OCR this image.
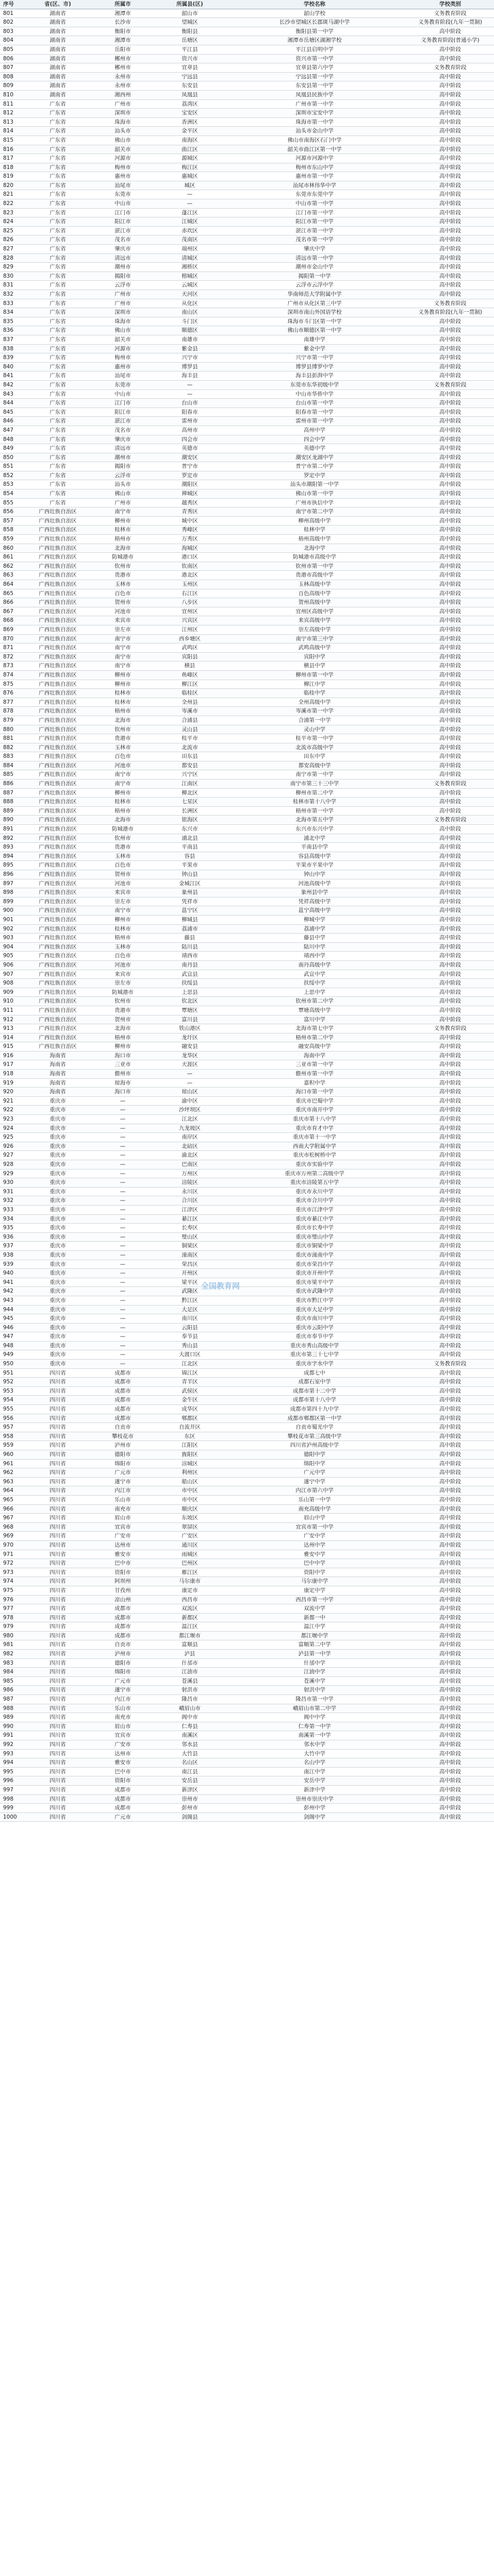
序号	省(区、市)	所属市	所属县(区)	学校名称	学校类别
801	湖南省	湘潭市	韶山市	韶山学校	义务教育阶段
802	湖南省	长沙市	望城区	长沙市望城区长郡斑马湖中学	义务教育阶段(九年一贯制)
803	湖南省	衡阳市	衡阳县	衡阳县第一中学	高中阶段
804	湖南省	湘潭市	岳塘区	湘潭市岳塘区湖湘学校	义务教育阶段(普通小学)
805	湖南省	岳阳市	平江县	平江县启明中学	高中阶段
806	湖南省	郴州市	资兴市	资兴市第一中学	高中阶段
807	湖南省	郴州市	宜章县	宜章县第六中学	义务教育阶段
808	湖南省	永州市	宁远县	宁远县第一中学	高中阶段
809	湖南省	永州市	东安县	东安县第一中学	高中阶段
810	湖南省	湘西州	凤凰县	凤凰县民族中学	高中阶段
811	广东省	广州市	荔湾区	广州市第一中学	高中阶段
812	广东省	深圳市	宝安区	深圳市宝安中学	高中阶段
813	广东省	珠海市	香洲区	珠海市第一中学	高中阶段
814	广东省	汕头市	金平区	汕头市金山中学	高中阶段
815	广东省	佛山市	南海区	佛山市南海区石门中学	高中阶段
816	广东省	韶关市	曲江区	韶关市曲江区第一中学	高中阶段
817	广东省	河源市	源城区	河源市河源中学	高中阶段
818	广东省	梅州市	梅江区	梅州市东山中学	高中阶段
819	广东省	惠州市	惠城区	惠州市第一中学	高中阶段
820	广东省	汕尾市	城区	汕尾市林伟华中学	高中阶段
821	广东省	东莞市	—	东莞市东莞中学	高中阶段
822	广东省	中山市	—	中山市第一中学	高中阶段
823	广东省	江门市	蓬江区	江门市第一中学	高中阶段
824	广东省	阳江市	江城区	阳江市第一中学	高中阶段
825	广东省	湛江市	赤坎区	湛江市第一中学	高中阶段
826	广东省	茂名市	茂南区	茂名市第一中学	高中阶段
827	广东省	肇庆市	端州区	肇庆中学	高中阶段
828	广东省	清远市	清城区	清远市第一中学	高中阶段
829	广东省	潮州市	湘桥区	潮州市金山中学	高中阶段
830	广东省	揭阳市	榕城区	揭阳第一中学	高中阶段
831	广东省	云浮市	云城区	云浮市云浮中学	高中阶段
832	广东省	广州市	天河区	华南师范大学附属中学	高中阶段
833	广东省	广州市	从化区	广州市从化区第三中学	义务教育阶段
834	广东省	深圳市	南山区	深圳市南山外国语学校	义务教育阶段(九年一贯制)
835	广东省	珠海市	斗门区	珠海市斗门区第一中学	高中阶段
836	广东省	佛山市	顺德区	佛山市顺德区第一中学	高中阶段
837	广东省	韶关市	南雄市	南雄中学	高中阶段
838	广东省	河源市	紫金县	紫金中学	高中阶段
839	广东省	梅州市	兴宁市	兴宁市第一中学	高中阶段
840	广东省	惠州市	博罗县	博罗县博罗中学	高中阶段
841	广东省	汕尾市	海丰县	海丰县彭湃中学	高中阶段
842	广东省	东莞市	—	东莞市东华初级中学	义务教育阶段
843	广东省	中山市	—	中山市华侨中学	高中阶段
844	广东省	江门市	台山市	台山市第一中学	高中阶段
845	广东省	阳江市	阳春市	阳春市第一中学	高中阶段
846	广东省	湛江市	雷州市	雷州市第一中学	高中阶段
847	广东省	茂名市	高州市	高州中学	高中阶段
848	广东省	肇庆市	四会市	四会中学	高中阶段
849	广东省	清远市	英德市	英德中学	高中阶段
850	广东省	潮州市	潮安区	潮安区龙湖中学	高中阶段
851	广东省	揭阳市	普宁市	普宁市第二中学	高中阶段
852	广东省	云浮市	罗定市	罗定中学	高中阶段
853	广东省	汕头市	潮阳区	汕头市潮阳第一中学	高中阶段
854	广东省	佛山市	禅城区	佛山市第一中学	高中阶段
855	广东省	广州市	越秀区	广州市执信中学	高中阶段
856	广西壮族自治区	南宁市	青秀区	南宁市第二中学	高中阶段
857	广西壮族自治区	柳州市	城中区	柳州高级中学	高中阶段
858	广西壮族自治区	桂林市	秀峰区	桂林中学	高中阶段
859	广西壮族自治区	梧州市	万秀区	梧州高级中学	高中阶段
860	广西壮族自治区	北海市	海城区	北海中学	高中阶段
861	广西壮族自治区	防城港市	港口区	防城港市高级中学	高中阶段
862	广西壮族自治区	钦州市	钦南区	钦州市第一中学	高中阶段
863	广西壮族自治区	贵港市	港北区	贵港市高级中学	高中阶段
864	广西壮族自治区	玉林市	玉州区	玉林高级中学	高中阶段
865	广西壮族自治区	百色市	右江区	百色高级中学	高中阶段
866	广西壮族自治区	贺州市	八步区	贺州高级中学	高中阶段
867	广西壮族自治区	河池市	宜州区	宜州区高级中学	高中阶段
868	广西壮族自治区	来宾市	兴宾区	来宾高级中学	高中阶段
869	广西壮族自治区	崇左市	江州区	崇左高级中学	高中阶段
870	广西壮族自治区	南宁市	西乡塘区	南宁市第三中学	高中阶段
871	广西壮族自治区	南宁市	武鸣区	武鸣高级中学	高中阶段
872	广西壮族自治区	南宁市	宾阳县	宾阳中学	高中阶段
873	广西壮族自治区	南宁市	横县	横县中学	高中阶段
874	广西壮族自治区	柳州市	鱼峰区	柳州市第一中学	高中阶段
875	广西壮族自治区	柳州市	柳江区	柳江中学	高中阶段
876	广西壮族自治区	桂林市	临桂区	临桂中学	高中阶段
877	广西壮族自治区	桂林市	全州县	全州高级中学	高中阶段
878	广西壮族自治区	梧州市	岑溪市	岑溪市第一中学	高中阶段
879	广西壮族自治区	北海市	合浦县	合浦第一中学	高中阶段
880	广西壮族自治区	钦州市	灵山县	灵山中学	高中阶段
881	广西壮族自治区	贵港市	桂平市	桂平市第一中学	高中阶段
882	广西壮族自治区	玉林市	北流市	北流市高级中学	高中阶段
883	广西壮族自治区	百色市	田东县	田东中学	高中阶段
884	广西壮族自治区	河池市	都安县	都安高级中学	高中阶段
885	广西壮族自治区	南宁市	兴宁区	南宁市第一中学	高中阶段
886	广西壮族自治区	南宁市	江南区	南宁市第三十三中学	义务教育阶段
887	广西壮族自治区	柳州市	柳北区	柳州市第二中学	高中阶段
888	广西壮族自治区	桂林市	七星区	桂林市第十八中学	高中阶段
889	广西壮族自治区	梧州市	长洲区	梧州市第一中学	高中阶段
890	广西壮族自治区	北海市	银海区	北海市第五中学	义务教育阶段
891	广西壮族自治区	防城港市	东兴市	东兴市东兴中学	高中阶段
892	广西壮族自治区	钦州市	浦北县	浦北中学	高中阶段
893	广西壮族自治区	贵港市	平南县	平南县中学	高中阶段
894	广西壮族自治区	玉林市	容县	容县高级中学	高中阶段
895	广西壮族自治区	百色市	平果市	平果市平果中学	高中阶段
896	广西壮族自治区	贺州市	钟山县	钟山中学	高中阶段
897	广西壮族自治区	河池市	金城江区	河池高级中学	高中阶段
898	广西壮族自治区	来宾市	象州县	象州县中学	高中阶段
899	广西壮族自治区	崇左市	凭祥市	凭祥高级中学	高中阶段
900	广西壮族自治区	南宁市	邕宁区	邕宁高级中学	高中阶段
901	广西壮族自治区	柳州市	柳城县	柳城中学	高中阶段
902	广西壮族自治区	桂林市	荔浦市	荔浦中学	高中阶段
903	广西壮族自治区	梧州市	藤县	藤县中学	高中阶段
904	广西壮族自治区	玉林市	陆川县	陆川中学	高中阶段
905	广西壮族自治区	百色市	靖西市	靖西中学	高中阶段
906	广西壮族自治区	河池市	南丹县	南丹高级中学	高中阶段
907	广西壮族自治区	来宾市	武宣县	武宣中学	高中阶段
908	广西壮族自治区	崇左市	扶绥县	扶绥中学	高中阶段
909	广西壮族自治区	防城港市	上思县	上思中学	高中阶段
910	广西壮族自治区	钦州市	钦北区	钦州市第二中学	高中阶段
911	广西壮族自治区	贵港市	覃塘区	覃塘高级中学	高中阶段
912	广西壮族自治区	贺州市	富川县	富川中学	高中阶段
913	广西壮族自治区	北海市	铁山港区	北海市第七中学	义务教育阶段
914	广西壮族自治区	梧州市	龙圩区	梧州市第二中学	高中阶段
915	广西壮族自治区	柳州市	融安县	融安高级中学	高中阶段
916	海南省	海口市	龙华区	海南中学	高中阶段
917	海南省	三亚市	天涯区	三亚市第一中学	高中阶段
918	海南省	儋州市	—	儋州市第一中学	高中阶段
919	海南省	琼海市	—	嘉积中学	高中阶段
920	海南省	海口市	琼山区	海口市第一中学	高中阶段
921	重庆市	—	渝中区	重庆市巴蜀中学	高中阶段
922	重庆市	—	沙坪坝区	重庆市南开中学	高中阶段
923	重庆市	—	江北区	重庆市第十八中学	高中阶段
924	重庆市	—	九龙坡区	重庆市育才中学	高中阶段
925	重庆市	—	南岸区	重庆市第十一中学	高中阶段
926	重庆市	—	北碚区	西南大学附属中学	高中阶段
927	重庆市	—	渝北区	重庆市松树桥中学	高中阶段
928	重庆市	—	巴南区	重庆市实验中学	高中阶段
929	重庆市	—	万州区	重庆市万州第二高级中学	高中阶段
930	重庆市	—	涪陵区	重庆市涪陵第五中学	高中阶段
931	重庆市	—	永川区	重庆市永川中学	高中阶段
932	重庆市	—	合川区	重庆市合川中学	高中阶段
933	重庆市	—	江津区	重庆市江津中学	高中阶段
934	重庆市	—	綦江区	重庆市綦江中学	高中阶段
935	重庆市	—	长寿区	重庆市长寿中学	高中阶段
936	重庆市	—	璧山区	重庆市璧山中学	高中阶段
937	重庆市	—	铜梁区	重庆市铜梁中学	高中阶段
938	重庆市	—	潼南区	重庆市潼南中学	高中阶段
939	重庆市	—	荣昌区	重庆市荣昌中学	高中阶段
940	重庆市	—	开州区	重庆市开州中学	高中阶段
941	重庆市	—	梁平区	重庆市梁平中学	高中阶段
942	重庆市	—	武隆区	重庆市武隆中学	高中阶段
943	重庆市	—	黔江区	重庆市黔江中学	高中阶段
944	重庆市	—	大足区	重庆市大足中学	高中阶段
945	重庆市	—	南川区	重庆市南川中学	高中阶段
946	重庆市	—	云阳县	重庆市云阳中学	高中阶段
947	重庆市	—	奉节县	重庆市奉节中学	高中阶段
948	重庆市	—	秀山县	重庆市秀山高级中学	高中阶段
949	重庆市	—	大渡口区	重庆市第三十七中学	高中阶段
950	重庆市	—	江北区	重庆市字水中学	义务教育阶段
951	四川省	成都市	锦江区	成都七中	高中阶段
952	四川省	成都市	青羊区	成都石室中学	高中阶段
953	四川省	成都市	武侯区	成都市第十二中学	高中阶段
954	四川省	成都市	金牛区	成都市第十八中学	高中阶段
955	四川省	成都市	成华区	成都市第四十九中学	高中阶段
956	四川省	成都市	郫都区	成都市郫都区第一中学	高中阶段
957	四川省	自贡市	自流井区	自贡市蜀光中学	高中阶段
958	四川省	攀枝花市	东区	攀枝花市第三高级中学	高中阶段
959	四川省	泸州市	江阳区	四川省泸州高级中学	高中阶段
960	四川省	德阳市	旌阳区	德阳中学	高中阶段
961	四川省	绵阳市	涪城区	绵阳中学	高中阶段
962	四川省	广元市	利州区	广元中学	高中阶段
963	四川省	遂宁市	船山区	遂宁中学	高中阶段
964	四川省	内江市	市中区	内江市第六中学	高中阶段
965	四川省	乐山市	市中区	乐山第一中学	高中阶段
966	四川省	南充市	顺庆区	南充高级中学	高中阶段
967	四川省	眉山市	东坡区	眉山中学	高中阶段
968	四川省	宜宾市	翠屏区	宜宾市第一中学	高中阶段
969	四川省	广安市	广安区	广安中学	高中阶段
970	四川省	达州市	通川区	达州中学	高中阶段
971	四川省	雅安市	雨城区	雅安中学	高中阶段
972	四川省	巴中市	巴州区	巴中中学	高中阶段
973	四川省	资阳市	雁江区	资阳中学	高中阶段
974	四川省	阿坝州	马尔康市	马尔康中学	高中阶段
975	四川省	甘孜州	康定市	康定中学	高中阶段
976	四川省	凉山州	西昌市	西昌市第一中学	高中阶段
977	四川省	成都市	双流区	双流中学	高中阶段
978	四川省	成都市	新都区	新都一中	高中阶段
979	四川省	成都市	温江区	温江中学	高中阶段
980	四川省	成都市	都江堰市	都江堰中学	高中阶段
981	四川省	自贡市	富顺县	富顺第二中学	高中阶段
982	四川省	泸州市	泸县	泸县第一中学	高中阶段
983	四川省	德阳市	什邡市	什邡中学	高中阶段
984	四川省	绵阳市	江油市	江油中学	高中阶段
985	四川省	广元市	苍溪县	苍溪中学	高中阶段
986	四川省	遂宁市	射洪市	射洪中学	高中阶段
987	四川省	内江市	隆昌市	隆昌市第一中学	高中阶段
988	四川省	乐山市	峨眉山市	峨眉山市第二中学	高中阶段
989	四川省	南充市	阆中市	阆中中学	高中阶段
990	四川省	眉山市	仁寿县	仁寿第一中学	高中阶段
991	四川省	宜宾市	南溪区	南溪第一中学	高中阶段
992	四川省	广安市	邻水县	邻水中学	高中阶段
993	四川省	达州市	大竹县	大竹中学	高中阶段
994	四川省	雅安市	名山区	名山中学	高中阶段
995	四川省	巴中市	南江县	南江中学	高中阶段
996	四川省	资阳市	安岳县	安岳中学	高中阶段
997	四川省	成都市	新津区	新津中学	高中阶段
998	四川省	成都市	崇州市	崇州市崇庆中学	高中阶段
999	四川省	成都市	彭州市	彭州中学	高中阶段
1000	四川省	广元市	剑阁县	剑阁中学	高中阶段
全国教育网
